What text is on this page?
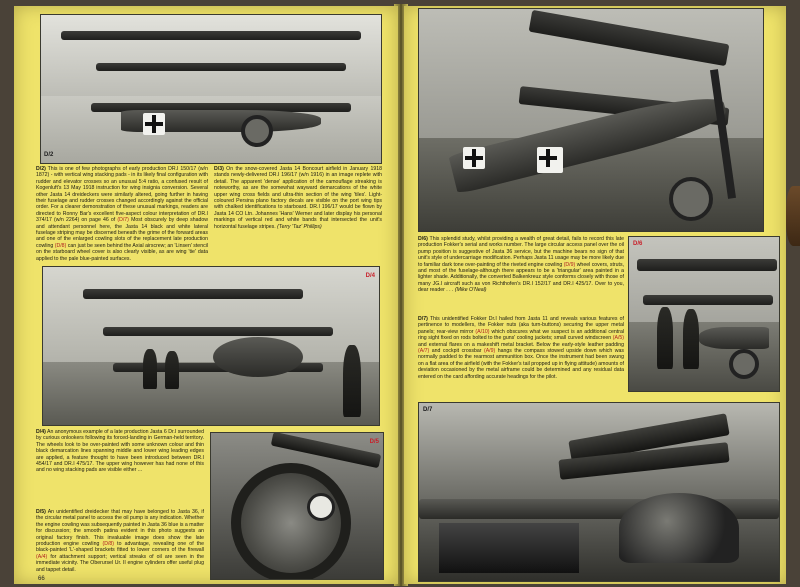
D/2

D/2) This is one of few photographs of early production DR.I 150/17 (w/n 1872) - with vertical wing stacking pads - in its likely final configuration with rudder and elevator crosses so an unusual 5:4 ratio, a confused result of Kogenluft's 13 May 1918 instruction for wing insignia conversion. Several other Jasta 14 dreideckers were similarly altered, going further in having their fuselage and rudder crosses changed accordingly against the official order. For a clearer demonstration of these unusual markings, readers are directed to Ronny Bar's excellent five-aspect colour interpretation of DR.I 374/17 (w/n 2264) on page 46 of (D/7) Most obscurely by deep shadow and attendant personnel here, the Jasta 14 black and white lateral fuselage striping may be discerned beneath the grime of the forward areas and one of the enlarged cowling slots of the replacement late production cowling (D/8) can just be seen behind the Axial airscrew; an 'Linsen' stencil on the starboard wheel cover is also clearly visible, as are wing 'tie' data applied to the pale blue-painted surfaces.

D/3) On the snow-covered Jasta 14 Boncourt airfield in January 1918 stands newly-delivered DR.I 196/17 (w/n 1916) in an image replete with detail. The apparent 'dense' application of the camouflage streaking is noteworthy, as are the somewhat wayward demarcations of the white upper wing cross fields and ultra-thin section of the wing 'tiles'. Light-coloured Persina plano factory decals are visible on the port wing tips with chalked identifications to starboard. DR.I 196/17 would be flown by Jasta 14 CO Ltn. Johannes 'Hans' Werner and later display his personal markings of vertical red and white bands that intersected the unit's horizontal fuselage stripes. (Terry 'Taz' Phillips)

D/4

D/4) An anonymous example of a late production Jasta 6 Dr.I surrounded by curious onlookers following its forced-landing in German-held territory. The wheels look to be over-painted with some unknown colour and thin black demarcation lines spanning middle and lower wing leading edges are applied, a feature thought to have been introduced between DR.I 454/17 and DR.I 475/17. The upper wing however has had none of this and no wing stacking pads are visible either ...

D/5) An unidentified dreidecker that may have belonged to Jasta 36, if the circular metal panel to access the oil pump is any indication. Whether the engine cowling was subsequently painted in Jasta 36 blue is a matter for discussion; the smooth patina evident in this photo suggests an original factory finish. This invaluable image does show the late production engine cowling (D/8) to advantage, revealing one of the black-painted 'L'-shaped brackets fitted to lower corners of the firewall (A/4) for attachment support; vertical streaks of oil are seen in the immediate vicinity. The Oberursel Ur. II engine cylinders offer useful plug and tappet detail.

D/5
66

D/6) This splendid study, whilst providing a wealth of great detail, fails to record this late production Fokker's serial and works number. The large circular access panel over the oil pump position is suggestive of Jasta 36 service, but the machine bears no sign of that unit's style of undercarriage modification. Perhaps Jasta 11 usage may be more likely due to familiar dark tone over-painting of the riveted engine cowling (D/9) wheel covers, struts, and most of the fuselage-although there appears to be a 'triangular' area painted in a lighter shade. Additionally, the converted Balkenkreuz style conforms closely with those of many JG.I aircraft such as von Richthofen's DR.I 152/17 and DR.I 425/17. Over to you, dear reader . . . (Mike O'Neal)

D/6

D/7) This unidentified Fokker Dr.I hailed from Jasta 11 and reveals various features of pertinence to modellers, the Fokker nuts (aka turn-buttons) securing the upper metal panels; rear-view mirror (A/10) which obscures what we suspect is an additional central ring sight fixed on rods bolted to the guns' cooling jackets; small curved windscreen (A/5) and external flares on a makeshift metal bracket. Below the early-style leather padding (A/7) and cockpit crossbar (A/9) hangs the compass stowed upside down which was normally padded to the rearmost ammunition box. Once the instrument had been swung on a flat area of the airfield (with the Fokker's tail propped up in flying attitude) amounts of deviation occasioned by the metal airframe could be determined and any residual data entered on the card affording accurate headings for the pilot.

D/7
